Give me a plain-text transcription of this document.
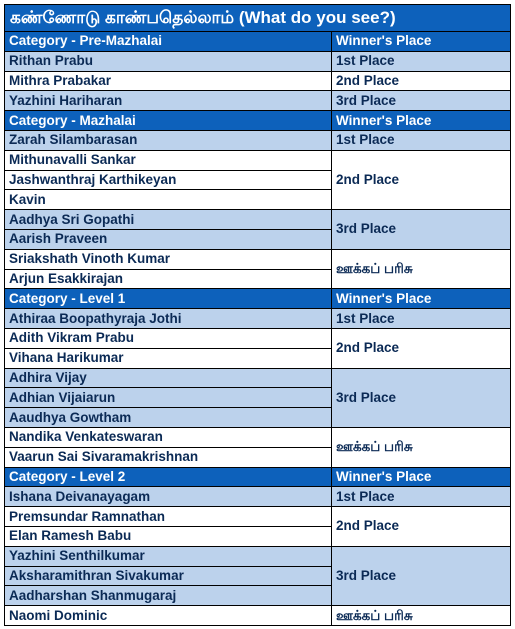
கண்ணோடு காண்பதெல்லாம் (What do you see?)	
Category - Pre-Mazhalai	Winner's Place
Rithan Prabu	1st Place
Mithra Prabakar	2nd Place
Yazhini Hariharan	3rd Place
Category - Mazhalai	Winner's Place
Zarah Silambarasan	1st Place
Mithunavalli Sankar	2nd Place
Jashwanthraj Karthikeyan	
Kavin	
Aadhya Sri Gopathi	3rd Place
Aarish Praveen	
Sriakshath Vinoth Kumar	ஊக்கப் பரிசு
Arjun Esakkirajan	
Category - Level 1	Winner's Place
Athiraa Boopathyraja Jothi	1st Place
Adith Vikram Prabu	2nd Place
Vihana Harikumar	
Adhira Vijay	3rd Place
Adhian Vijaiarun	
Aaudhya Gowtham	
Nandika Venkateswaran	ஊக்கப் பரிசு
Vaarun Sai Sivaramakrishnan	
Category - Level 2	Winner's Place
Ishana Deivanayagam	1st Place
Premsundar Ramnathan	2nd Place
Elan Ramesh Babu	
Yazhini Senthilkumar	3rd Place
Aksharamithran Sivakumar	
Aadharshan Shanmugaraj	
Naomi Dominic	ஊக்கப் பரிசு
